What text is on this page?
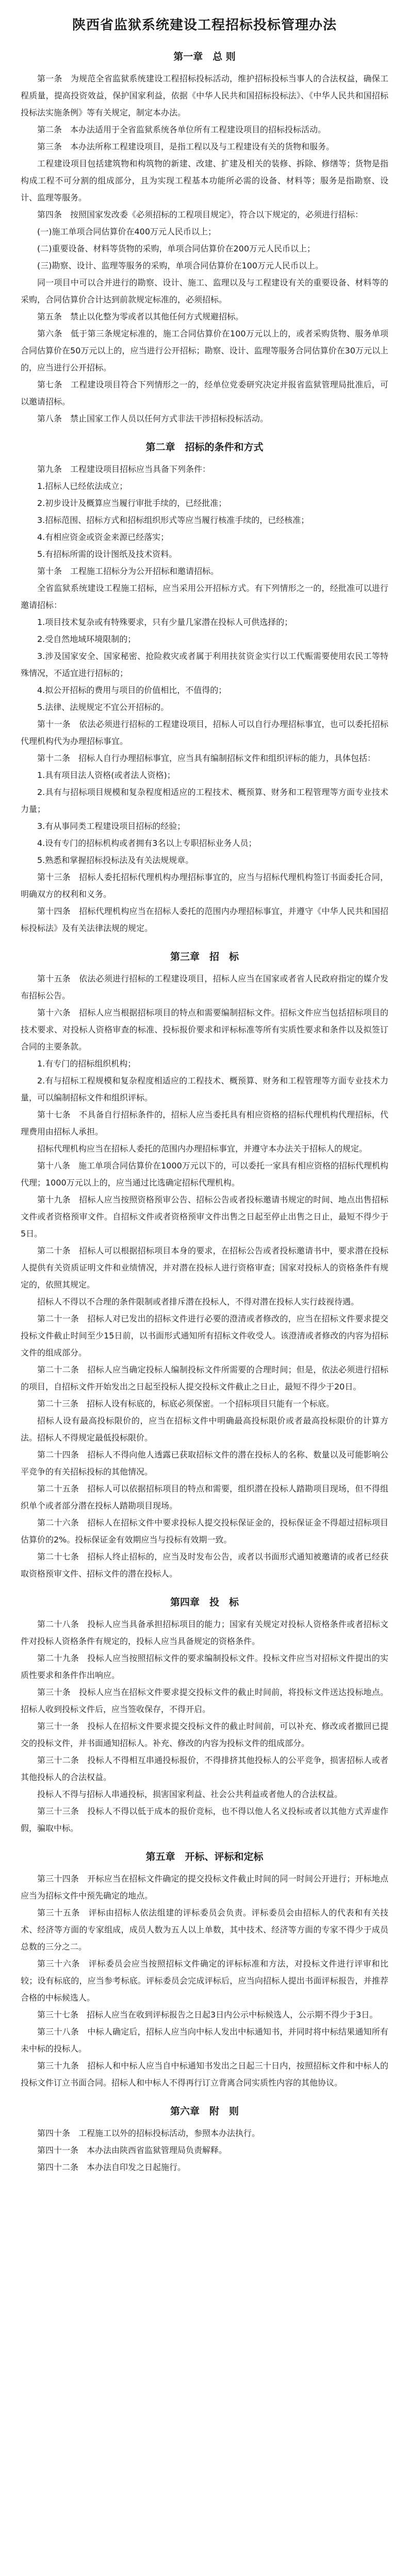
陕西省监狱系统建设工程招标投标管理办法
第一章　总 则

第一条　为规范全省监狱系统建设工程招标投标活动，维护招标投标当事人的合法权益，确保工程质量，提高投资效益，保护国家利益，依据《中华人民共和国招标投标法》、《中华人民共和国招标投标法实施条例》等有关规定，制定本办法。

第二条　本办法适用于全省监狱系统各单位所有工程建设项目的招标投标活动。

第三条　本办法所称工程建设项目，是指工程以及与工程建设有关的货物和服务。

工程建设项目包括建筑物和构筑物的新建、改建、扩建及相关的装修、拆除、修缮等；货物是指构成工程不可分割的组成部分，且为实现工程基本功能所必需的设备、材料等；服务是指勘察、设计、监理等服务。

第四条　按照国家发改委《必须招标的工程项目规定》，符合以下规定的，必须进行招标：

(一)施工单项合同估算价在400万元人民币以上；

(二)重要设备、材料等货物的采购，单项合同估算价在200万元人民币以上；

(三)勘察、设计、监理等服务的采购，单项合同估算价在100万元人民币以上。

同一项目中可以合并进行的勘察、设计、施工、监理以及与工程建设有关的重要设备、材料等的采购，合同估算价合计达到前款规定标准的，必须招标。

第五条　禁止以化整为零或者以其他任何方式规避招标。

第六条　低于第三条规定标准的，施工合同估算价在100万元以上的，或者采购货物、服务单项合同估算价在50万元以上的，应当进行公开招标；勘察、设计、监理等服务合同估算价在30万元以上的，应当进行公开招标。

第七条　工程建设项目符合下列情形之一的，经单位党委研究决定并报省监狱管理局批准后，可以邀请招标。

第八条　禁止国家工作人员以任何方式非法干涉招标投标活动。

第二章　招标的条件和方式

第九条　工程建设项目招标应当具备下列条件：

1.招标人已经依法成立；

2.初步设计及概算应当履行审批手续的，已经批准；

3.招标范围、招标方式和招标组织形式等应当履行核准手续的，已经核准；

4.有相应资金或资金来源已经落实；

5.有招标所需的设计图纸及技术资料。

第十条　工程施工招标分为公开招标和邀请招标。

全省监狱系统建设工程施工招标，应当采用公开招标方式。有下列情形之一的，经批准可以进行邀请招标：

1.项目技术复杂或有特殊要求，只有少量几家潜在投标人可供选择的；

2.受自然地域环境限制的；

3.涉及国家安全、国家秘密、抢险救灾或者属于利用扶贫资金实行以工代赈需要使用农民工等特殊情况，不适宜进行招标的；

4.拟公开招标的费用与项目的价值相比，不值得的；

5.法律、法规规定不宜公开招标的。

第十一条　依法必须进行招标的工程建设项目，招标人可以自行办理招标事宜，也可以委托招标代理机构代为办理招标事宜。

第十二条　招标人自行办理招标事宜，应当具有编制招标文件和组织评标的能力，具体包括：

1.具有项目法人资格(或者法人资格)；

2.具有与招标项目规模和复杂程度相适应的工程技术、概预算、财务和工程管理等方面专业技术力量；

3.有从事同类工程建设项目招标的经验；

4.设有专门的招标机构或者拥有3名以上专职招标业务人员；

5.熟悉和掌握招标投标法及有关法规规章。

第十三条　招标人委托招标代理机构办理招标事宜的，应当与招标代理机构签订书面委托合同，明确双方的权利和义务。

第十四条　招标代理机构应当在招标人委托的范围内办理招标事宜，并遵守《中华人民共和国招标投标法》及有关法律法规的规定。

第三章　招　标

第十五条　依法必须进行招标的工程建设项目，招标人应当在国家或者省人民政府指定的媒介发布招标公告。

第十六条　招标人应当根据招标项目的特点和需要编制招标文件。招标文件应当包括招标项目的技术要求、对投标人资格审查的标准、投标报价要求和评标标准等所有实质性要求和条件以及拟签订合同的主要条款。

1.有专门的招标组织机构；

2.有与招标工程规模和复杂程度相适应的工程技术、概预算、财务和工程管理等方面专业技术力量，可以编制招标文件和组织评标。

第十七条　不具备自行招标条件的，招标人应当委托具有相应资格的招标代理机构代理招标，代理费用由招标人承担。

招标代理机构应当在招标人委托的范围内办理招标事宜，并遵守本办法关于招标人的规定。

第十八条　施工单项合同估算价在1000万元以下的，可以委托一家具有相应资格的招标代理机构代理；1000万元以上的，应当通过比选确定招标代理机构。

第十九条　招标人应当按照资格预审公告、招标公告或者投标邀请书规定的时间、地点出售招标文件或者资格预审文件。自招标文件或者资格预审文件出售之日起至停止出售之日止，最短不得少于5日。

第二十条　招标人可以根据招标项目本身的要求，在招标公告或者投标邀请书中，要求潜在投标人提供有关资质证明文件和业绩情况，并对潜在投标人进行资格审查；国家对投标人的资格条件有规定的，依照其规定。

招标人不得以不合理的条件限制或者排斥潜在投标人，不得对潜在投标人实行歧视待遇。

第二十一条　招标人对已发出的招标文件进行必要的澄清或者修改的，应当在招标文件要求提交投标文件截止时间至少15日前，以书面形式通知所有招标文件收受人。该澄清或者修改的内容为招标文件的组成部分。

第二十二条　招标人应当确定投标人编制投标文件所需要的合理时间；但是，依法必须进行招标的项目，自招标文件开始发出之日起至投标人提交投标文件截止之日止，最短不得少于20日。

第二十三条　招标人设有标底的，标底必须保密。一个招标项目只能有一个标底。

招标人设有最高投标限价的，应当在招标文件中明确最高投标限价或者最高投标限价的计算方法。招标人不得规定最低投标限价。

第二十四条　招标人不得向他人透露已获取招标文件的潜在投标人的名称、数量以及可能影响公平竞争的有关招标投标的其他情况。

第二十五条　招标人可以依据招标项目的特点和需要，组织潜在投标人踏勘项目现场，但不得组织单个或者部分潜在投标人踏勘项目现场。

第二十六条　招标人在招标文件中要求投标人提交投标保证金的，投标保证金不得超过招标项目估算价的2%。投标保证金有效期应当与投标有效期一致。

第二十七条　招标人终止招标的，应当及时发布公告，或者以书面形式通知被邀请的或者已经获取资格预审文件、招标文件的潜在投标人。

第四章　投　标

第二十八条　投标人应当具备承担招标项目的能力；国家有关规定对投标人资格条件或者招标文件对投标人资格条件有规定的，投标人应当具备规定的资格条件。

第二十九条　投标人应当按照招标文件的要求编制投标文件。投标文件应当对招标文件提出的实质性要求和条件作出响应。

第三十条　投标人应当在招标文件要求提交投标文件的截止时间前，将投标文件送达投标地点。招标人收到投标文件后，应当签收保存，不得开启。

第三十一条　投标人在招标文件要求提交投标文件的截止时间前，可以补充、修改或者撤回已提交的投标文件，并书面通知招标人。补充、修改的内容为投标文件的组成部分。

第三十二条　投标人不得相互串通投标报价，不得排挤其他投标人的公平竞争，损害招标人或者其他投标人的合法权益。

投标人不得与招标人串通投标，损害国家利益、社会公共利益或者他人的合法权益。

第三十三条　投标人不得以低于成本的报价竞标，也不得以他人名义投标或者以其他方式弄虚作假，骗取中标。

第五章　开标、评标和定标

第三十四条　开标应当在招标文件确定的提交投标文件截止时间的同一时间公开进行；开标地点应当为招标文件中预先确定的地点。

第三十五条　评标由招标人依法组建的评标委员会负责。评标委员会由招标人的代表和有关技术、经济等方面的专家组成，成员人数为五人以上单数，其中技术、经济等方面的专家不得少于成员总数的三分之二。

第三十六条　评标委员会应当按照招标文件确定的评标标准和方法，对投标文件进行评审和比较；设有标底的，应当参考标底。评标委员会完成评标后，应当向招标人提出书面评标报告，并推荐合格的中标候选人。

第三十七条　招标人应当在收到评标报告之日起3日内公示中标候选人，公示期不得少于3日。

第三十八条　中标人确定后，招标人应当向中标人发出中标通知书，并同时将中标结果通知所有未中标的投标人。

第三十九条　招标人和中标人应当自中标通知书发出之日起三十日内，按照招标文件和中标人的投标文件订立书面合同。招标人和中标人不得再行订立背离合同实质性内容的其他协议。

第六章　附　则

第四十条　工程施工以外的招标投标活动，参照本办法执行。

第四十一条　本办法由陕西省监狱管理局负责解释。

第四十二条　本办法自印发之日起施行。
